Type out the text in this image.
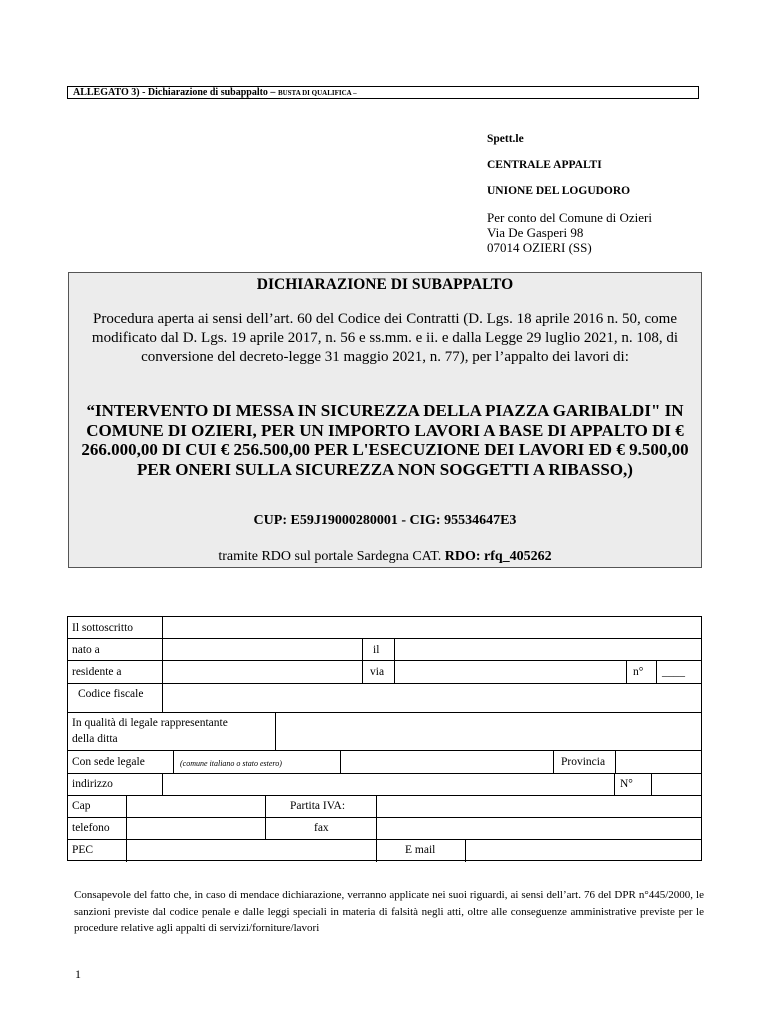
ALLEGATO 3) - Dichiarazione di subappalto – BUSTA DI QUALIFICA –
Spett.le
CENTRALE APPALTI
UNIONE DEL LOGUDORO
Per conto del Comune di Ozieri
Via De Gasperi 98
07014 OZIERI (SS)
DICHIARAZIONE DI SUBAPPALTO
Procedura aperta ai sensi dell’art. 60 del Codice dei Contratti (D. Lgs. 18 aprile 2016 n. 50, come modificato dal D. Lgs. 19 aprile 2017, n. 56 e ss.mm. e ii. e dalla Legge 29 luglio 2021, n. 108, di conversione del decreto-legge 31 maggio 2021, n. 77), per l’appalto dei lavori di:
“INTERVENTO DI MESSA IN SICUREZZA DELLA PIAZZA GARIBALDI" IN COMUNE DI OZIERI, PER UN IMPORTO LAVORI A BASE DI APPALTO DI € 266.000,00 DI CUI € 256.500,00 PER L'ESECUZIONE DEI LAVORI ED € 9.500,00 PER ONERI SULLA SICUREZZA NON SOGGETTI A RIBASSO,)
CUP: E59J19000280001 - CIG: 95534647E3
tramite RDO sul portale Sardegna CAT. RDO: rfq_405262
Il sottoscritto
nato a	il
residente a	via	n° ____
Codice fiscale
In qualità di legale rappresentante
della ditta
Con sede legale	(comune italiano o stato estero)	Provincia
indirizzo	N°
Cap	Partita IVA:
telefono	fax
PEC	E mail
Consapevole del fatto che, in caso di mendace dichiarazione, verranno applicate nei suoi riguardi, ai sensi dell’art. 76 del DPR n°445/2000, le sanzioni previste dal codice penale e dalle leggi speciali in materia di falsità negli atti, oltre alle conseguenze amministrative previste per le procedure relative agli appalti di servizi/forniture/lavori
1
